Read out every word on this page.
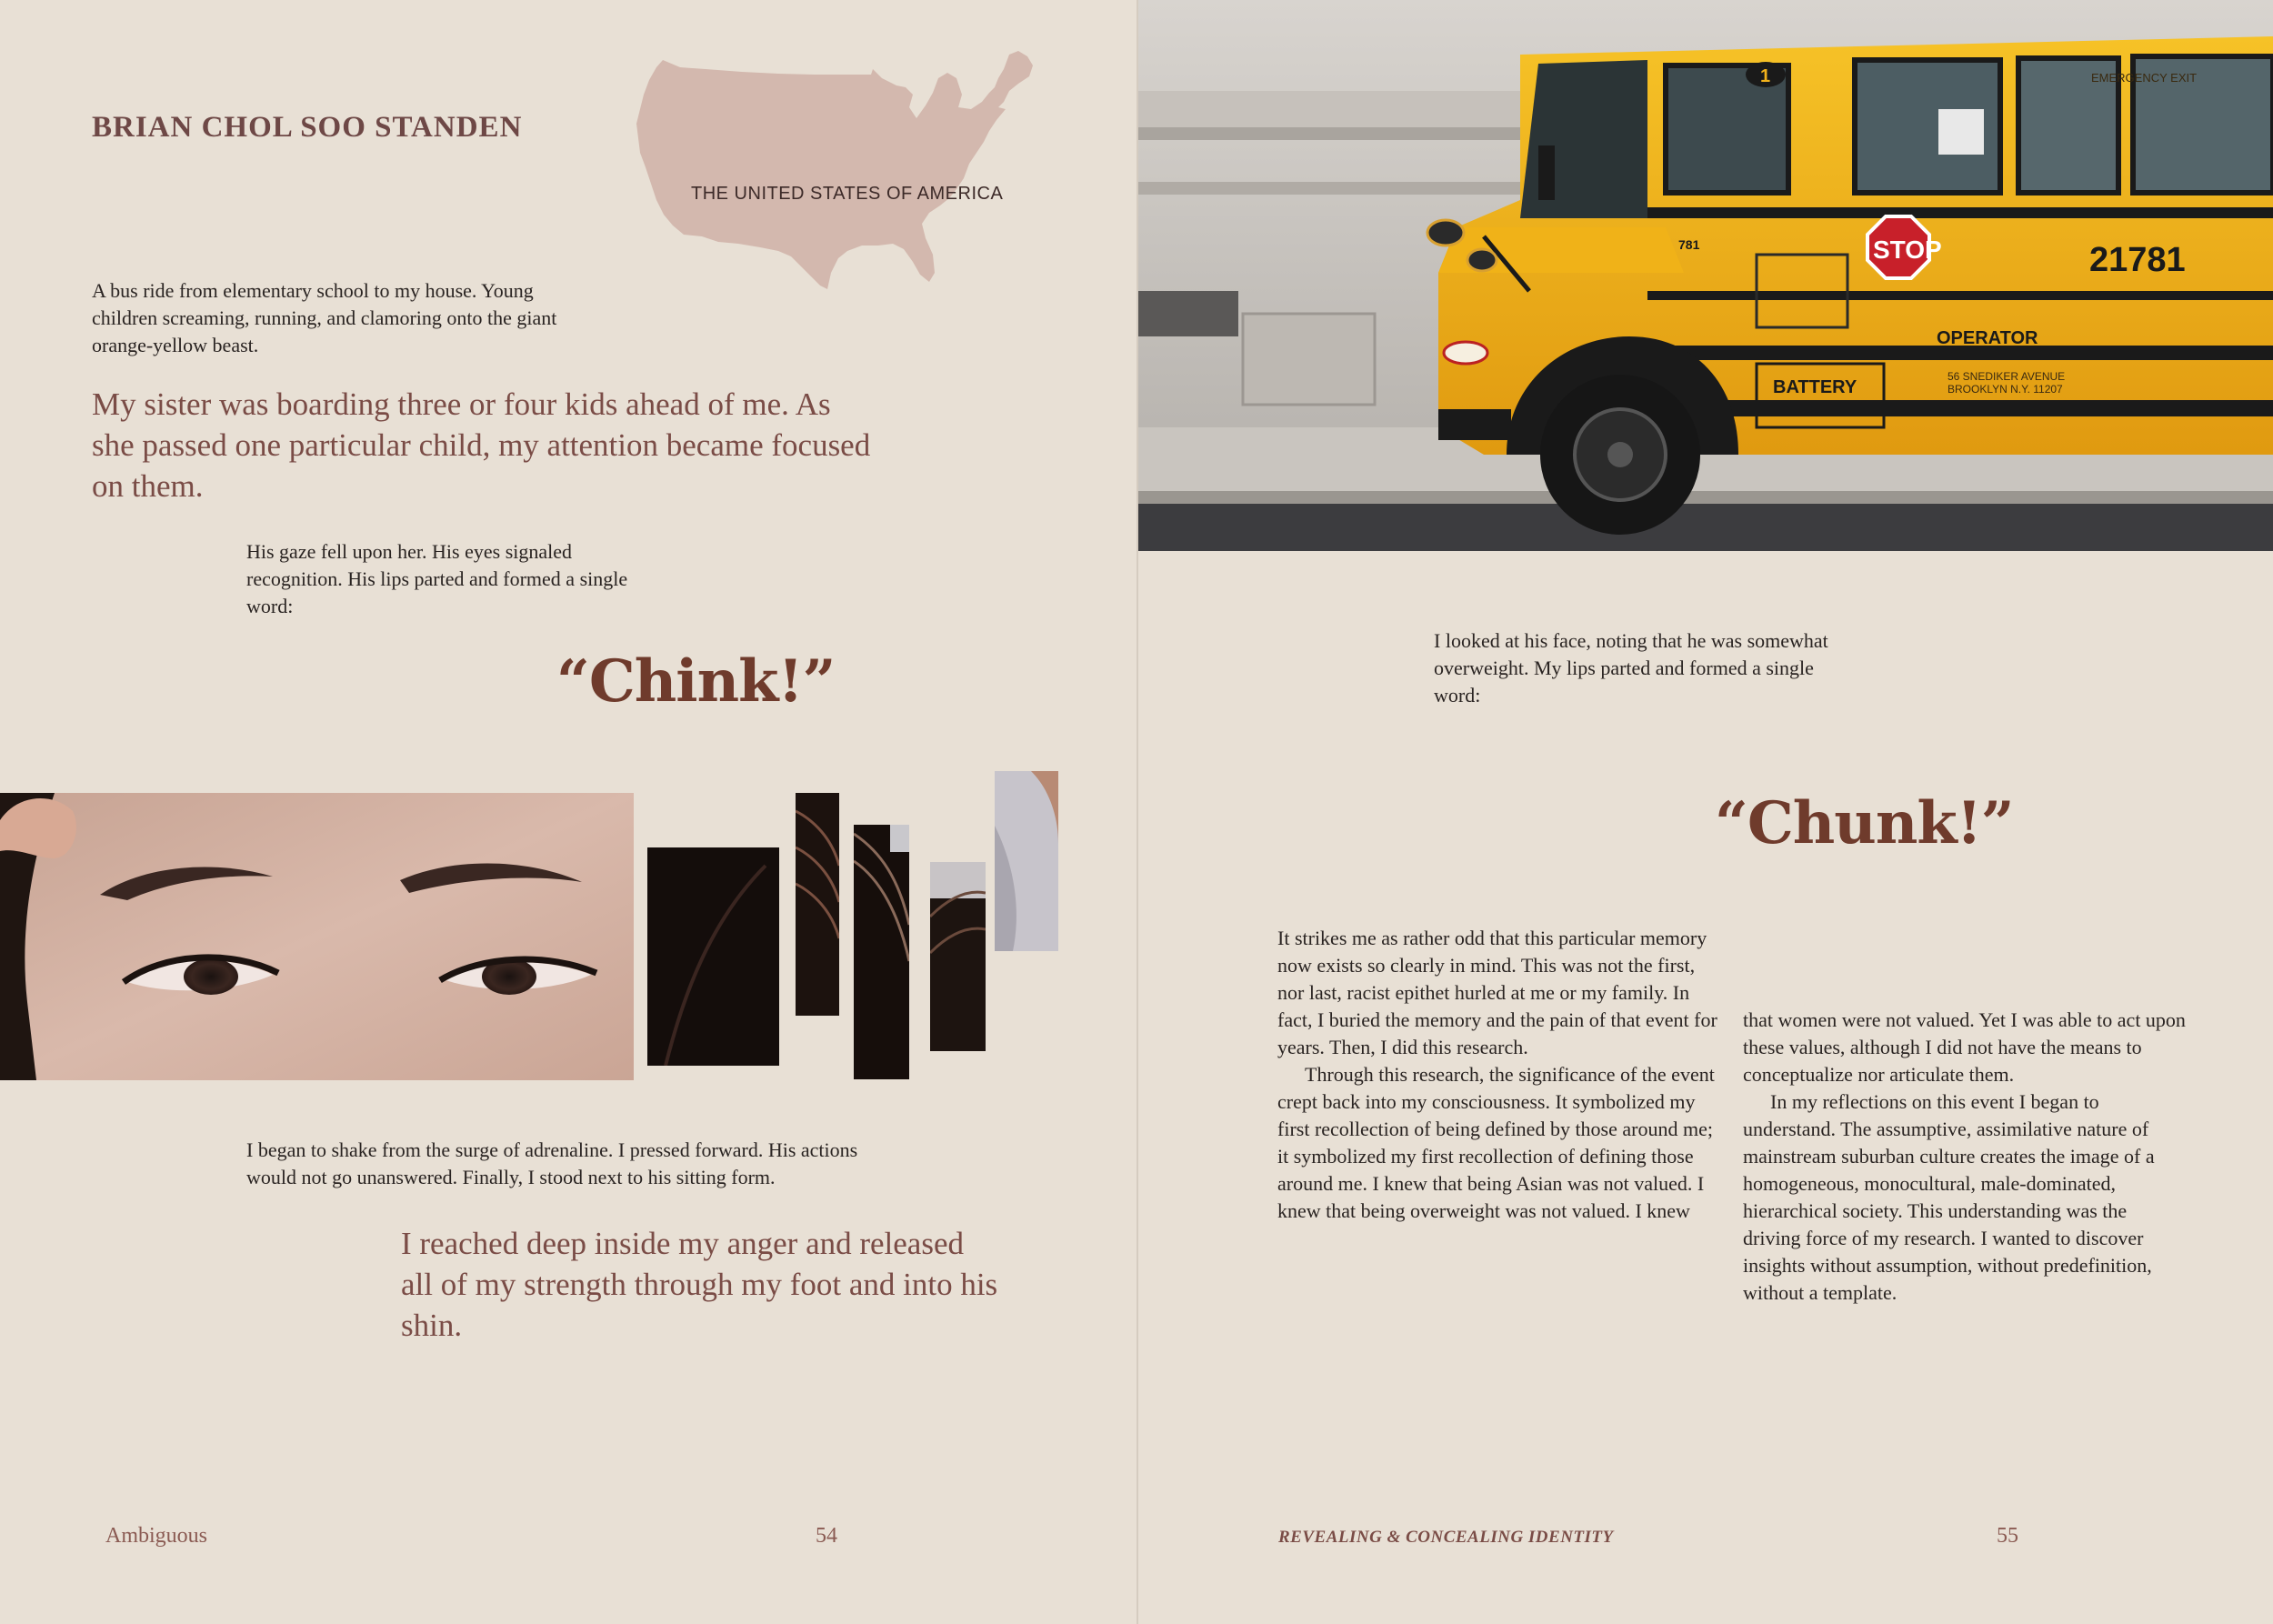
BRIAN CHOL SOO STANDEN
THE UNITED STATES OF AMERICA
A bus ride from elementary school to my house. Young children screaming, running, and clamoring onto the giant orange-yellow beast.
My sister was boarding three or four kids ahead of me. As she passed one particular child, my attention became focused on them.
His gaze fell upon her. His eyes signaled recognition. His lips parted and formed a single word:
“Chink!”
I began to shake from the surge of adrenaline. I pressed forward. His actions would not go unanswered. Finally, I stood next to his sitting form.
I reached deep inside my anger and released all of my strength through my foot and into his shin.
Ambiguous	54
BATTERY
EMERGENCY EXIT
21781
OPERATOR
56 SNEDIKER AVENUE
BROOKLYN N.Y. 11207
781
1
STOP
I looked at his face, noting that he was somewhat overweight. My lips parted and formed a single word:
“Chunk!”

It strikes me as rather odd that this particular memory now exists so clearly in mind. This was not the first, nor last, racist epithet hurled at me or my family. In fact, I buried the memory and the pain of that event for years. Then, I did this research.

Through this research, the significance of the event crept back into my consciousness. It symbolized my first recollection of being defined by those around me; it symbolized my first recollection of defining those around me. I knew that being Asian was not valued. I knew that being overweight was not valued. I knew

that women were not valued. Yet I was able to act upon these values, although I did not have the means to conceptualize nor articulate them.

In my reflections on this event I began to understand. The assumptive, assimilative nature of mainstream suburban culture creates the image of a homogeneous, monocultural, male-dominated, hierarchical society. This understanding was the driving force of my research. I wanted to discover insights without assumption, without predefinition, without a template.

REVEALING & CONCEALING IDENTITY	55
